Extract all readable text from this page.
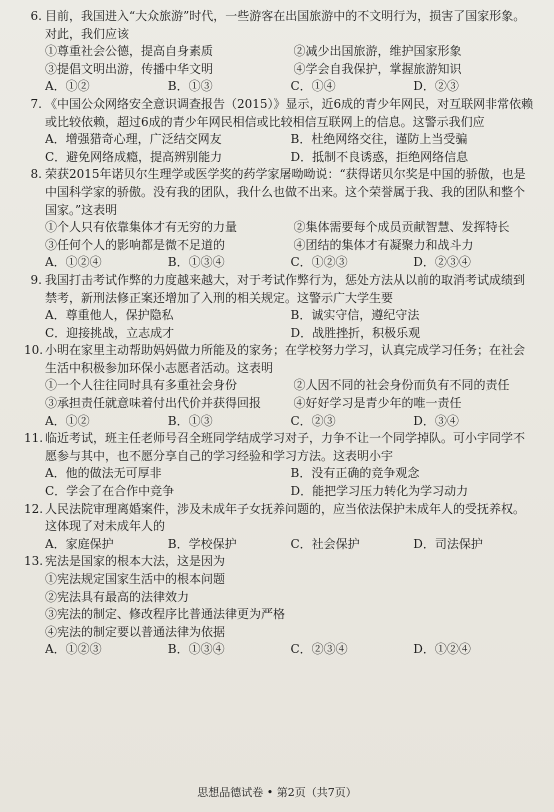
6. 目前，我国进入“大众旅游”时代，一些游客在出国旅游中的不文明行为，损害了国家形象。对此，我们应该
①尊重社会公德，提高自身素质	②减少出国旅游，维护国家形象
③提倡文明出游，传播中华文明	④学会自我保护，掌握旅游知识
A．①②	B．①③	C．①④	D．②③
7. 《中国公众网络安全意识调查报告（2015）》显示，近6成的青少年网民，对互联网非常依赖或比较依赖，超过6成的青少年网民相信或比较相信互联网上的信息。这警示我们应
A．增强猎奇心理，广泛结交网友	B．杜绝网络交往，谨防上当受骗
C．避免网络成瘾，提高辨别能力	D．抵制不良诱惑，拒绝网络信息
8. 荣获2015年诺贝尔生理学或医学奖的药学家屠呦呦说：“获得诺贝尔奖是中国的骄傲，也是中国科学家的骄傲。没有我的团队，我什么也做不出来。这个荣誉属于我、我的团队和整个国家。”这表明
①个人只有依靠集体才有无穷的力量	②集体需要每个成员贡献智慧、发挥特长
③任何个人的影响都是微不足道的	④团结的集体才有凝聚力和战斗力
A．①②④	B．①③④	C．①②③	D．②③④
9. 我国打击考试作弊的力度越来越大，对于考试作弊行为，惩处方法从以前的取消考试成绩到禁考，新刑法修正案还增加了入刑的相关规定。这警示广大学生要
A．尊重他人，保护隐私	B．诚实守信，遵纪守法
C．迎接挑战，立志成才	D．战胜挫折，积极乐观
10. 小明在家里主动帮助妈妈做力所能及的家务；在学校努力学习，认真完成学习任务；在社会生活中积极参加环保小志愿者活动。这表明
①一个人往往同时具有多重社会身份	②人因不同的社会身份而负有不同的责任
③承担责任就意味着付出代价并获得回报	④好好学习是青少年的唯一责任
A．①②	B．①③	C．②③	D．③④
11. 临近考试，班主任老师号召全班同学结成学习对子，力争不让一个同学掉队。可小宇同学不愿参与其中，也不愿分享自己的学习经验和学习方法。这表明小宇
A．他的做法无可厚非	B．没有正确的竞争观念
C．学会了在合作中竞争	D．能把学习压力转化为学习动力
12. 人民法院审理离婚案件，涉及未成年子女抚养问题的，应当依法保护未成年人的受抚养权。这体现了对未成年人的
A．家庭保护	B．学校保护	C．社会保护	D．司法保护
13. 宪法是国家的根本大法，这是因为
①宪法规定国家生活中的根本问题
②宪法具有最高的法律效力
③宪法的制定、修改程序比普通法律更为严格
④宪法的制定要以普通法律为依据
A．①②③	B．①③④	C．②③④	D．①②④
思想品德试卷 • 第2页（共7页）
